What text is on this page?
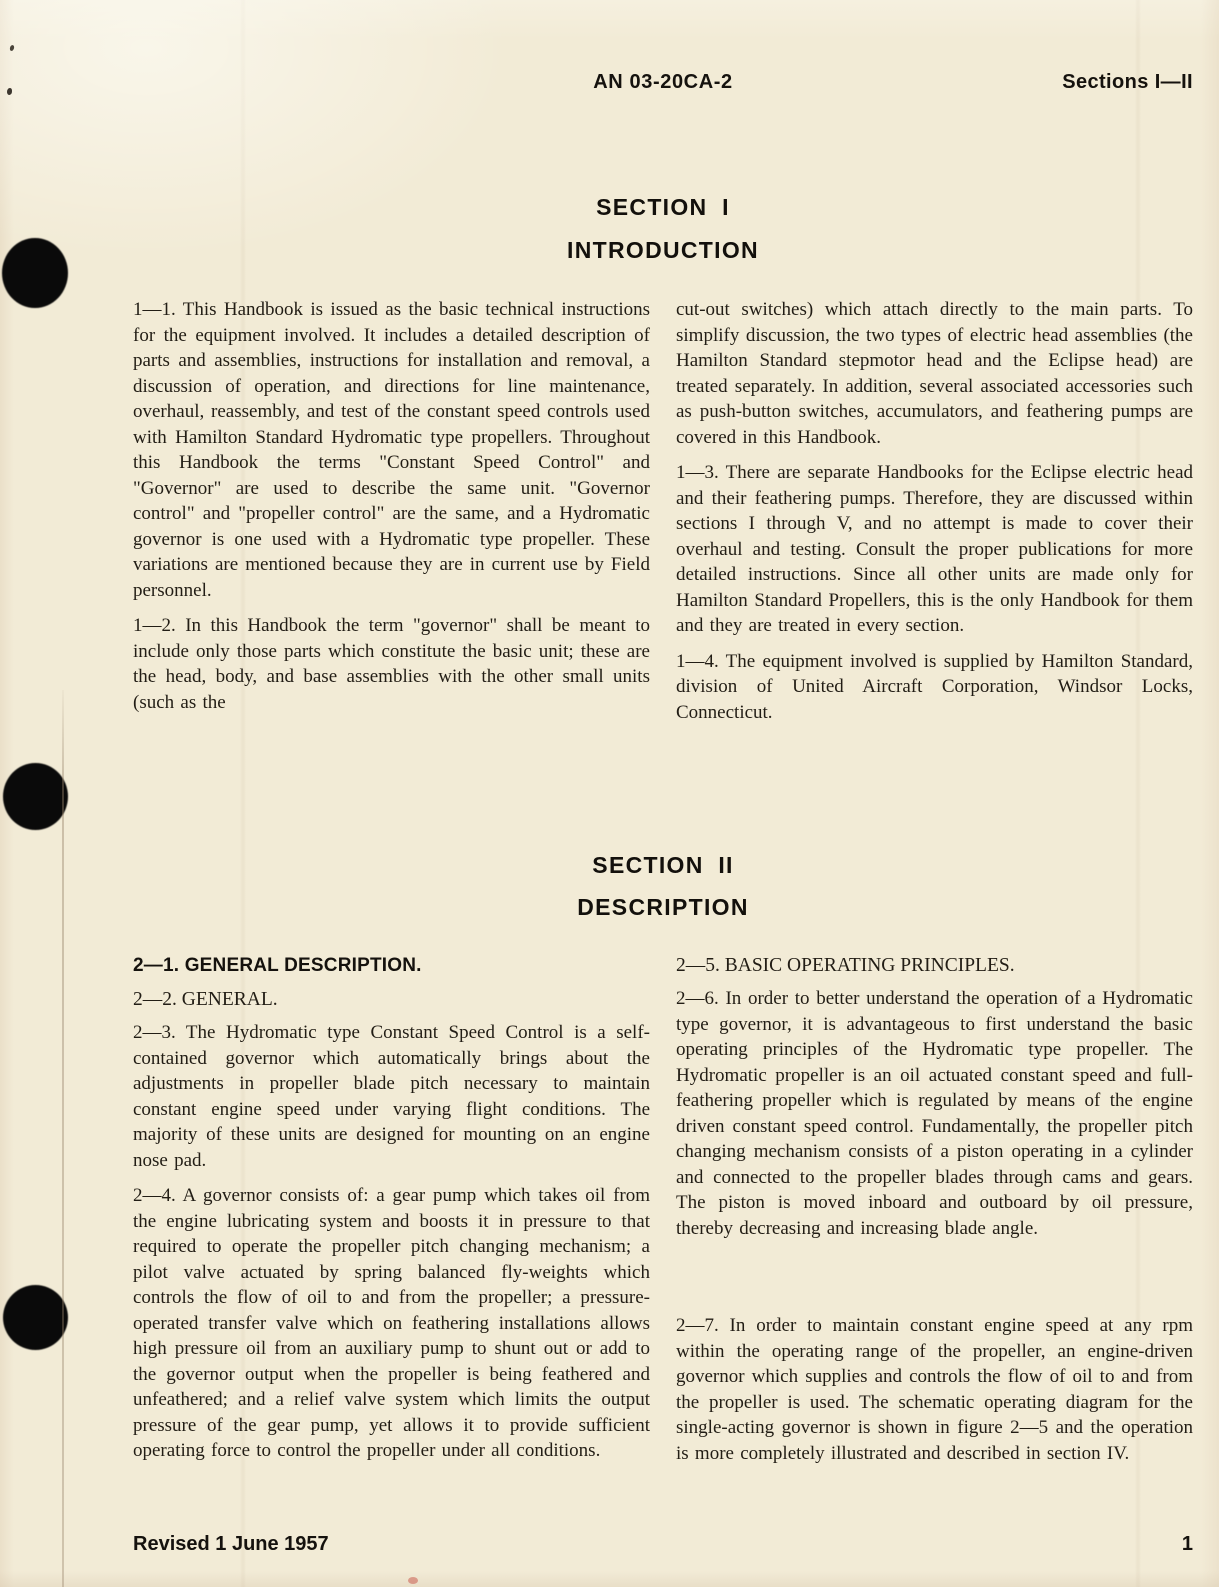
AN 03-20CA-2	Sections I—II
SECTION I
INTRODUCTION

1—1. This Handbook is issued as the basic technical instructions for the equipment involved. It includes a detailed description of parts and assemblies, instructions for installation and removal, a discussion of operation, and directions for line maintenance, overhaul, reassembly, and test of the constant speed controls used with Hamilton Standard Hydromatic type propellers. Throughout this Handbook the terms "Constant Speed Control" and "Governor" are used to describe the same unit. "Governor control" and "propeller control" are the same, and a Hydromatic governor is one used with a Hydromatic type propeller. These variations are mentioned because they are in current use by Field personnel.

1—2. In this Handbook the term "governor" shall be meant to include only those parts which constitute the basic unit; these are the head, body, and base assemblies with the other small units (such as the

cut-out switches) which attach directly to the main parts. To simplify discussion, the two types of electric head assemblies (the Hamilton Standard stepmotor head and the Eclipse head) are treated separately. In addition, several associated accessories such as push-button switches, accumulators, and feathering pumps are covered in this Handbook.

1—3. There are separate Handbooks for the Eclipse electric head and their feathering pumps. Therefore, they are discussed within sections I through V, and no attempt is made to cover their overhaul and testing. Consult the proper publications for more detailed instructions. Since all other units are made only for Hamilton Standard Propellers, this is the only Handbook for them and they are treated in every section.

1—4. The equipment involved is supplied by Hamilton Standard, division of United Aircraft Corporation, Windsor Locks, Connecticut.

SECTION II
DESCRIPTION

2—1. GENERAL DESCRIPTION.

2—2. GENERAL.

2—3. The Hydromatic type Constant Speed Control is a self-contained governor which automatically brings about the adjustments in propeller blade pitch necessary to maintain constant engine speed under varying flight conditions. The majority of these units are designed for mounting on an engine nose pad.

2—4. A governor consists of: a gear pump which takes oil from the engine lubricating system and boosts it in pressure to that required to operate the propeller pitch changing mechanism; a pilot valve actuated by spring balanced fly-weights which controls the flow of oil to and from the propeller; a pressure-operated transfer valve which on feathering installations allows high pressure oil from an auxiliary pump to shunt out or add to the governor output when the propeller is being feathered and unfeathered; and a relief valve system which limits the output pressure of the gear pump, yet allows it to provide sufficient operating force to control the propeller under all conditions.

2—5. BASIC OPERATING PRINCIPLES.

2—6. In order to better understand the operation of a Hydromatic type governor, it is advantageous to first understand the basic operating principles of the Hydromatic type propeller. The Hydromatic propeller is an oil actuated constant speed and full-feathering propeller which is regulated by means of the engine driven constant speed control. Fundamentally, the propeller pitch changing mechanism consists of a piston operating in a cylinder and connected to the propeller blades through cams and gears. The piston is moved inboard and outboard by oil pressure, thereby decreasing and increasing blade angle.

2—7. In order to maintain constant engine speed at any rpm within the operating range of the propeller, an engine-driven governor which supplies and controls the flow of oil to and from the propeller is used. The schematic operating diagram for the single-acting governor is shown in figure 2—5 and the operation is more completely illustrated and described in section IV.

Revised 1 June 1957	1
